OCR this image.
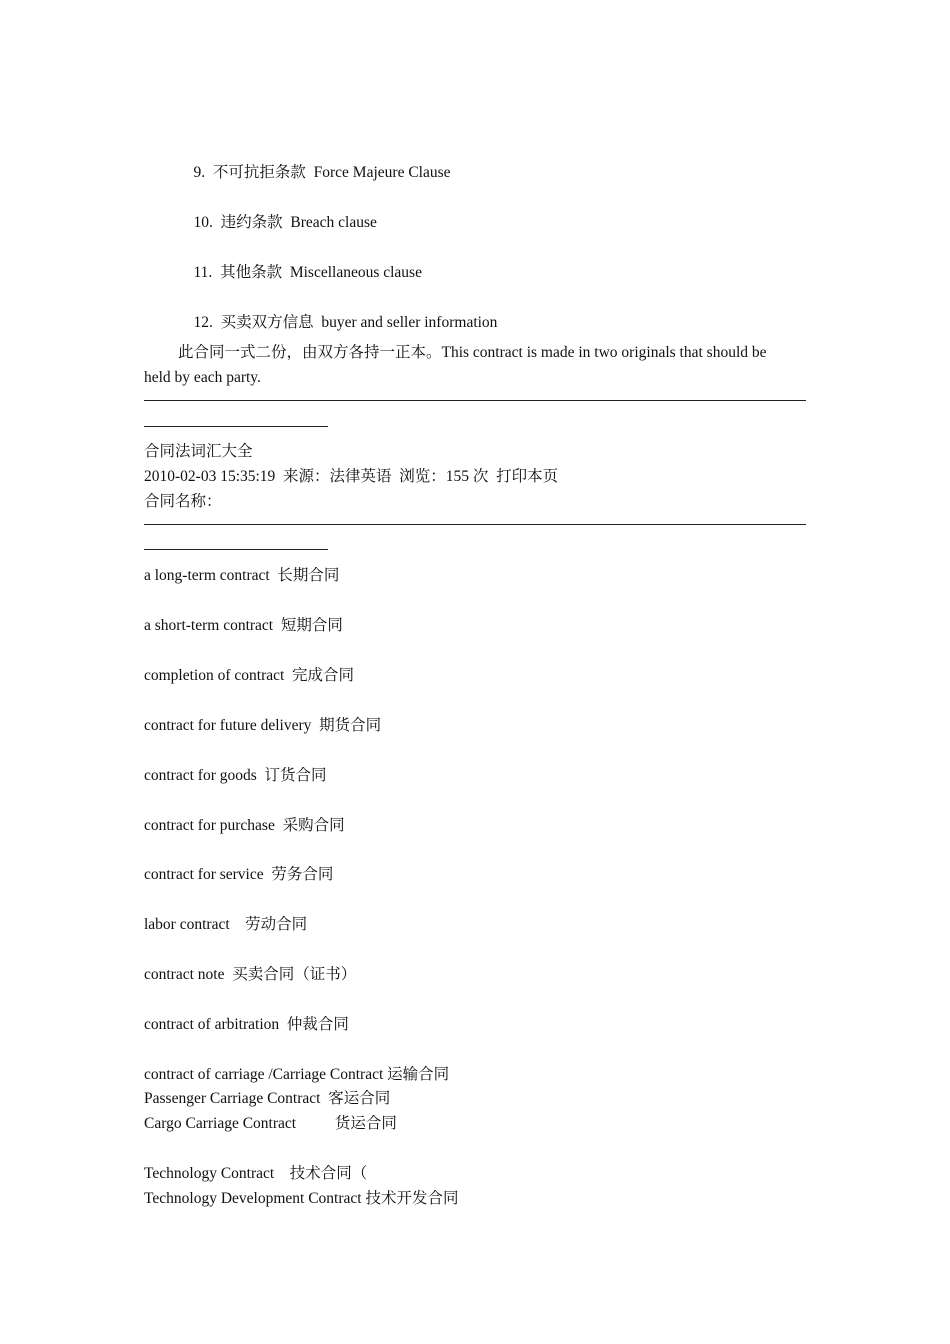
9. 不可抗拒条款 Force Majeure Clause

10. 违约条款 Breach clause

11. 其他条款 Miscellaneous clause

12. 买卖双方信息 buyer and seller information

此合同一式二份，由双方各持一正本。This contract is made in two originals that should be
held by each party.
合同法词汇大全
2010-02-03 15:35:19  来源：法律英语  浏览：155 次  打印本页
合同名称：
a long-term contract  长期合同
a short-term contract  短期合同
completion of contract  完成合同
contract for future delivery  期货合同
contract for goods  订货合同
contract for purchase  采购合同
contract for service  劳务合同
labor contract    劳动合同
contract note  买卖合同（证书）
contract of arbitration  仲裁合同
contract of carriage /Carriage Contract 运输合同
Passenger Carriage Contract  客运合同
Cargo Carriage Contract          货运合同
Technology Contract    技术合同（
Technology Development Contract 技术开发合同
